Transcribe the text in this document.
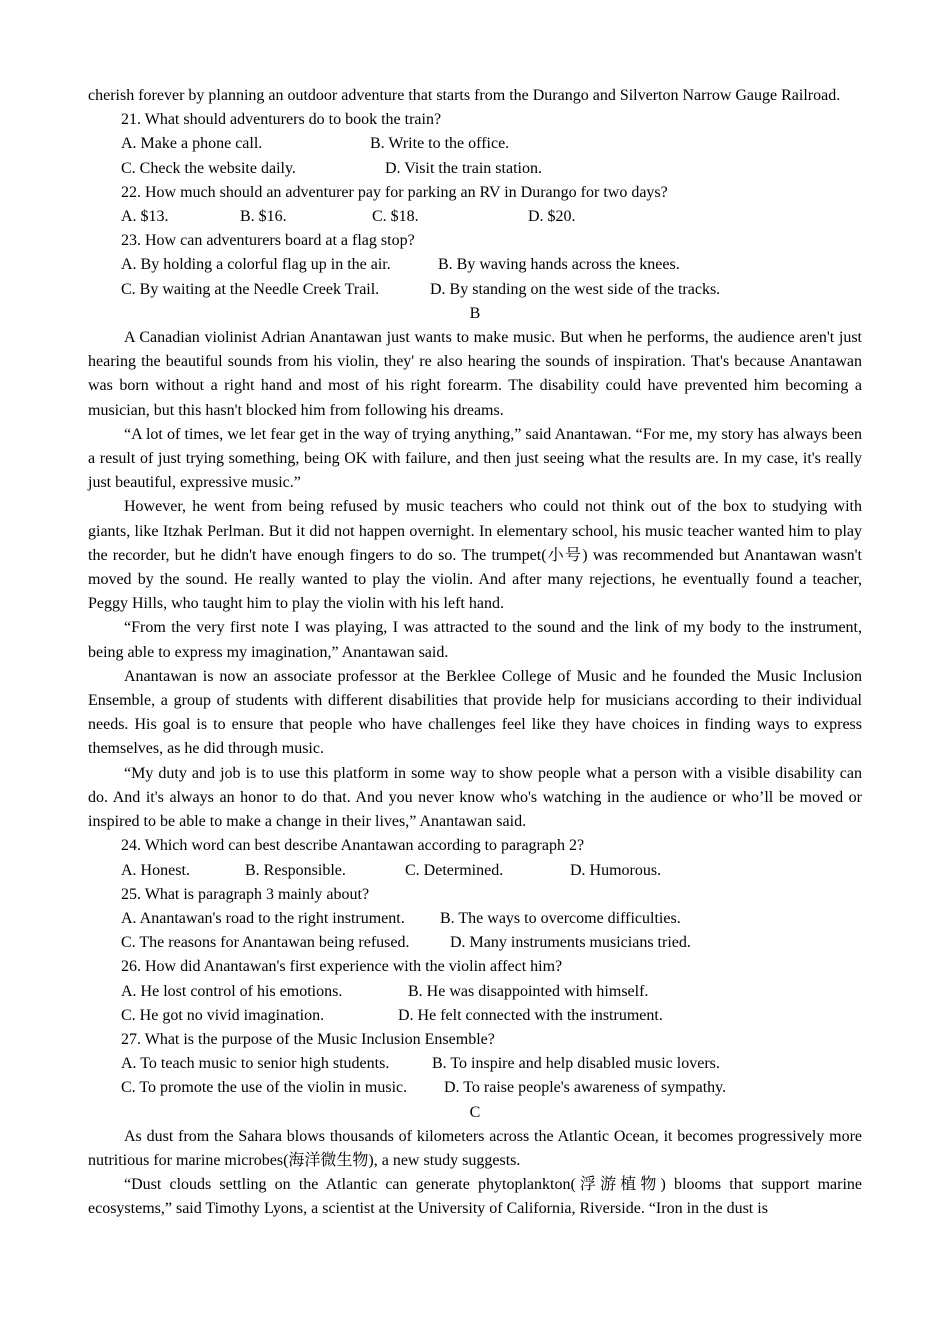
cherish forever by planning an outdoor adventure that starts from the Durango and Silverton Narrow Gauge Railroad.

21. What should adventurers do to book the train?
A. Make a phone call.	B. Write to the office.
C. Check the website daily.	D. Visit the train station.
22. How much should an adventurer pay for parking an RV in Durango for two days?
A. $13.	B. $16.	C. $18.	D. $20.
23. How can adventurers board at a flag stop?
A. By holding a colorful flag up in the air.	B. By waving hands across the knees.
C. By waiting at the Needle Creek Trail.	D. By standing on the west side of the tracks.
B

A Canadian violinist Adrian Anantawan just wants to make music. But when he performs, the audience aren't just hearing the beautiful sounds from his violin, they' re also hearing the sounds of inspiration. That's because Anantawan was born without a right hand and most of his right forearm. The disability could have prevented him becoming a musician, but this hasn't blocked him from following his dreams.

“A lot of times, we let fear get in the way of trying anything,” said Anantawan. “For me, my story has always been a result of just trying something, being OK with failure, and then just seeing what the results are. In my case, it's really just beautiful, expressive music.”

However, he went from being refused by music teachers who could not think out of the box to studying with giants, like Itzhak Perlman. But it did not happen overnight. In elementary school, his music teacher wanted him to play the recorder, but he didn't have enough fingers to do so. The trumpet(小号) was recommended but Anantawan wasn't moved by the sound. He really wanted to play the violin. And after many rejections, he eventually found a teacher, Peggy Hills, who taught him to play the violin with his left hand.

“From the very first note I was playing, I was attracted to the sound and the link of my body to the instrument, being able to express my imagination,” Anantawan said.

Anantawan is now an associate professor at the Berklee College of Music and he founded the Music Inclusion Ensemble, a group of students with different disabilities that provide help for musicians according to their individual needs. His goal is to ensure that people who have challenges feel like they have choices in finding ways to express themselves, as he did through music.

“My duty and job is to use this platform in some way to show people what a person with a visible disability can do. And it's always an honor to do that. And you never know who's watching in the audience or who’ll be moved or inspired to be able to make a change in their lives,” Anantawan said.

24. Which word can best describe Anantawan according to paragraph 2?
A. Honest.	B. Responsible.	C. Determined.	D. Humorous.
25. What is paragraph 3 mainly about?
A. Anantawan's road to the right instrument. B. The ways to overcome difficulties.
C. The reasons for Anantawan being refused.	D. Many instruments musicians tried.
26. How did Anantawan's first experience with the violin affect him?
A. He lost control of his emotions.	B. He was disappointed with himself.
C. He got no vivid imagination.	D. He felt connected with the instrument.
27. What is the purpose of the Music Inclusion Ensemble?
A. To teach music to senior high students.	B. To inspire and help disabled music lovers.
C. To promote the use of the violin in music. D. To raise people's awareness of sympathy.
C

As dust from the Sahara blows thousands of kilometers across the Atlantic Ocean, it becomes progressively more nutritious for marine microbes(海洋微生物), a new study suggests.

“Dust clouds settling on the Atlantic can generate phytoplankton(浮游植物) blooms that support marine ecosystems,” said Timothy Lyons, a scientist at the University of California, Riverside. “Iron in the dust is
